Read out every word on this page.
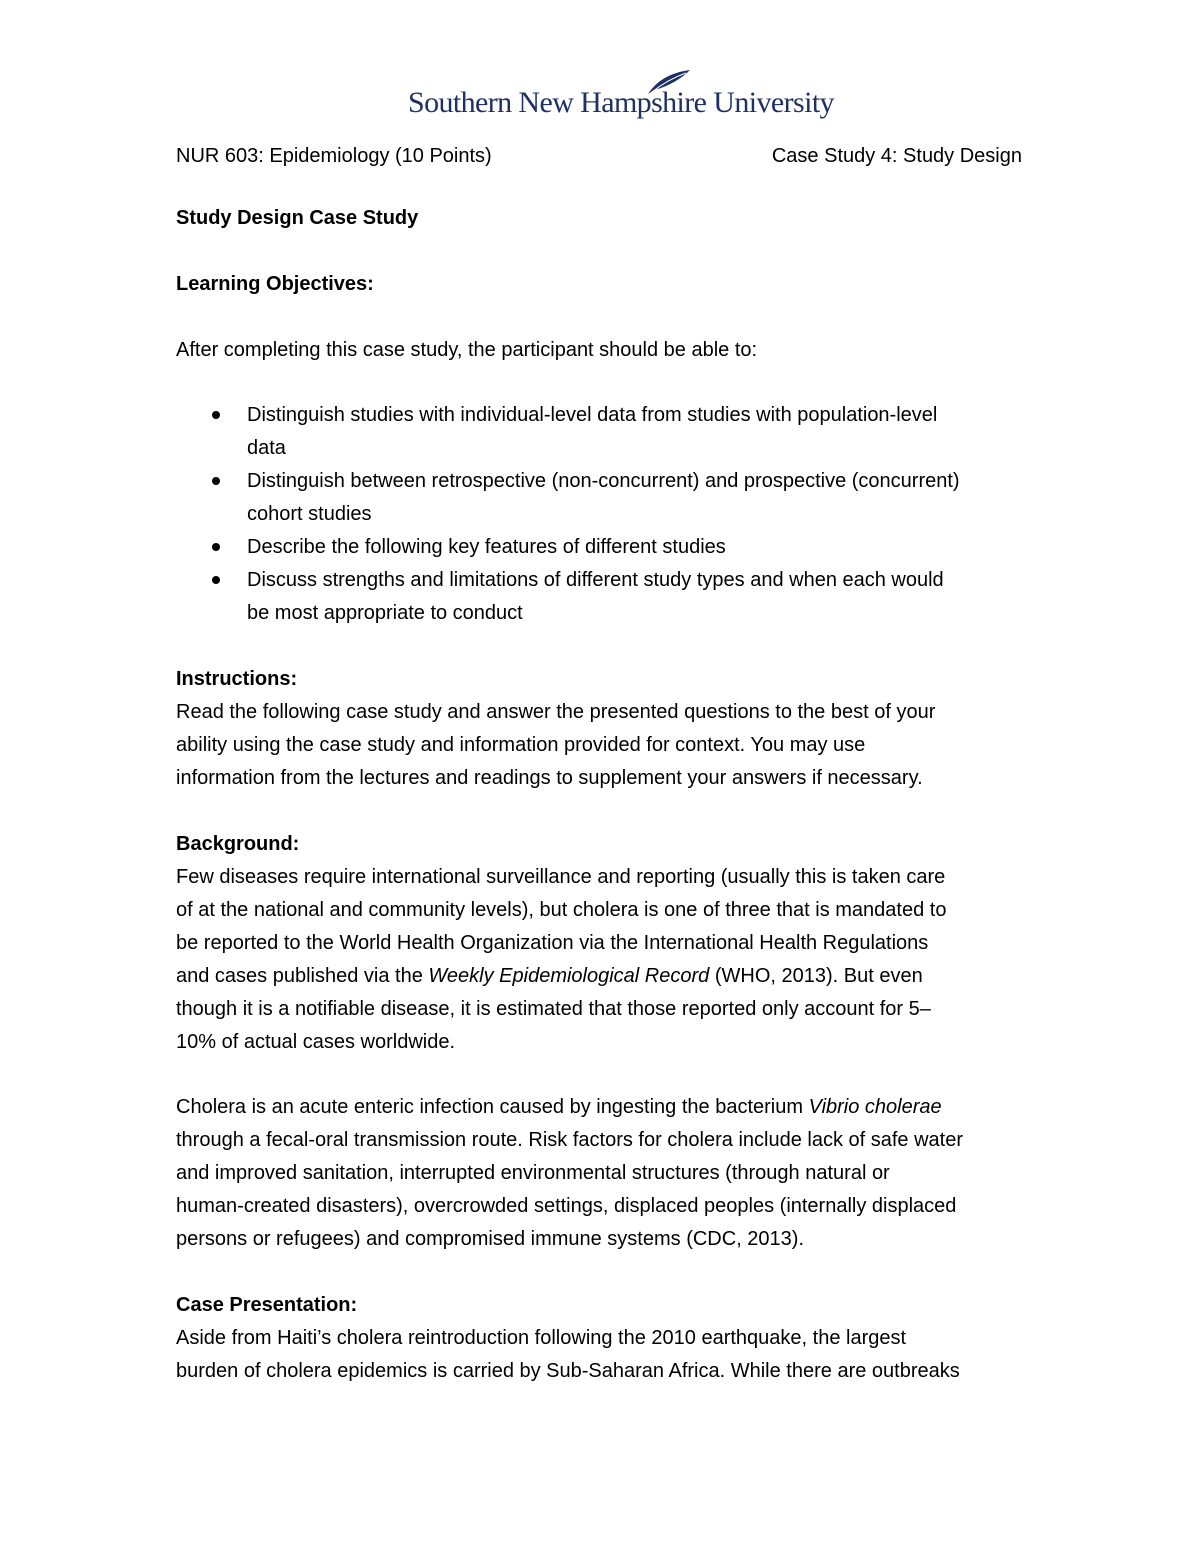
Southern New Hampshire University
NUR 603: Epidemiology (10 Points)	Case Study 4: Study Design
Study Design Case Study
Learning Objectives:
After completing this case study, the participant should be able to:

Distinguish studies with individual-level data from studies with population-level

data

Distinguish between retrospective (non-concurrent) and prospective (concurrent)

cohort studies

Describe the following key features of different studies

Discuss strengths and limitations of different study types and when each would

be most appropriate to conduct

Instructions:

Read the following case study and answer the presented questions to the best of your

ability using the case study and information provided for context. You may use

information from the lectures and readings to supplement your answers if necessary.

Background:

Few diseases require international surveillance and reporting (usually this is taken care

of at the national and community levels), but cholera is one of three that is mandated to

be reported to the World Health Organization via the International Health Regulations

and cases published via the Weekly Epidemiological Record (WHO, 2013). But even

though it is a notifiable disease, it is estimated that those reported only account for 5–

10% of actual cases worldwide.

Cholera is an acute enteric infection caused by ingesting the bacterium Vibrio cholerae

through a fecal-oral transmission route. Risk factors for cholera include lack of safe water

and improved sanitation, interrupted environmental structures (through natural or

human-created disasters), overcrowded settings, displaced peoples (internally displaced

persons or refugees) and compromised immune systems (CDC, 2013).

Case Presentation:

Aside from Haiti’s cholera reintroduction following the 2010 earthquake, the largest

burden of cholera epidemics is carried by Sub-Saharan Africa. While there are outbreaks
